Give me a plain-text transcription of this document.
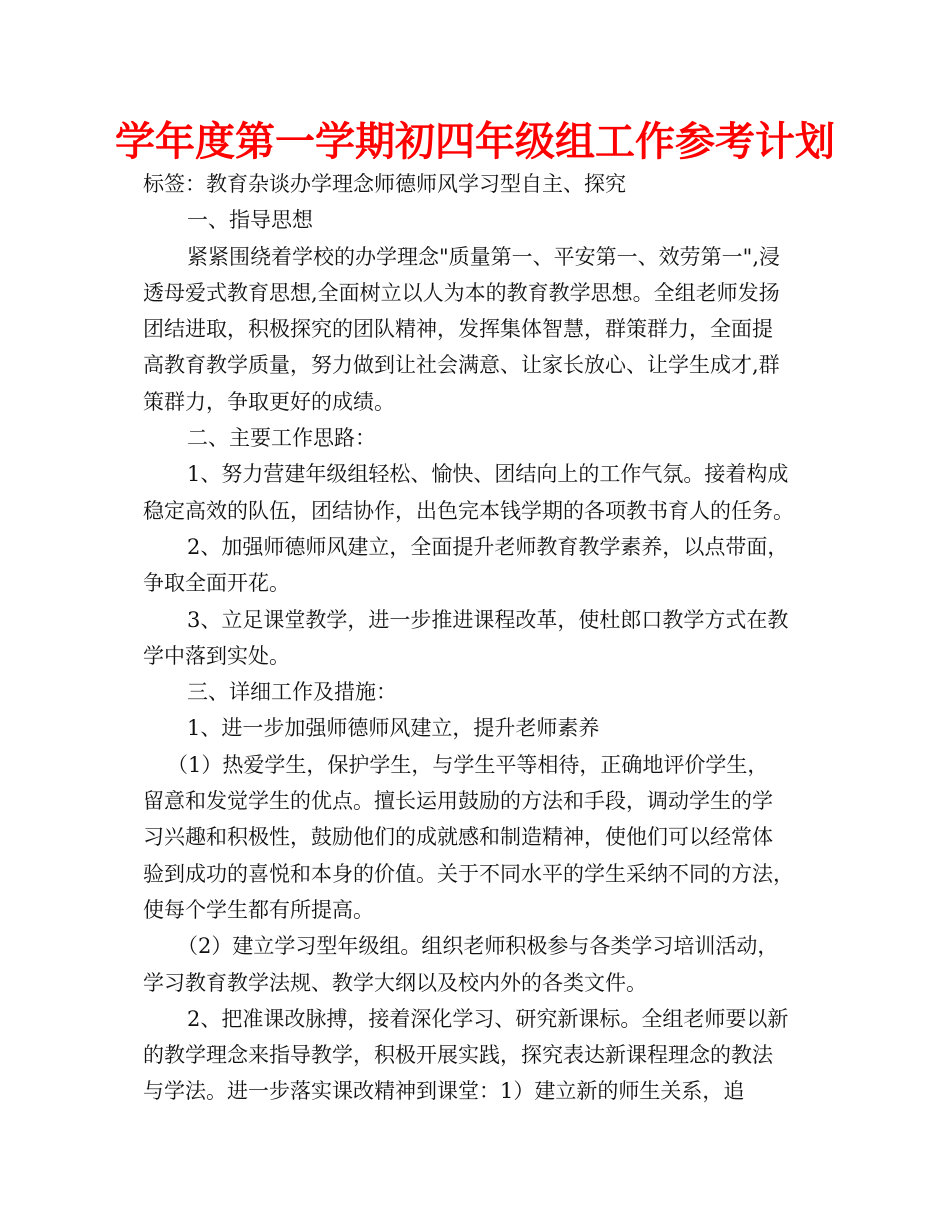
学年度第一学期初四年级组工作参考计划
标签：教育杂谈办学理念师德师风学习型自主、探究
一、指导思想
紧紧围绕着学校的办学理念"质量第一、平安第一、效劳第一",浸
透母爱式教育思想,全面树立以人为本的教育教学思想。全组老师发扬
团结进取，积极探究的团队精神，发挥集体智慧，群策群力，全面提
高教育教学质量，努力做到让社会满意、让家长放心、让学生成才,群
策群力，争取更好的成绩。
二、主要工作思路：
1、努力营建年级组轻松、愉快、团结向上的工作气氛。接着构成
稳定高效的队伍，团结协作，出色完本钱学期的各项教书育人的任务。
2、加强师德师风建立，全面提升老师教育教学素养，以点带面，
争取全面开花。
3、立足课堂教学，进一步推进课程改革，使杜郎口教学方式在教
学中落到实处。
三、详细工作及措施：
1、进一步加强师德师风建立，提升老师素养
（1）热爱学生，保护学生，与学生平等相待，正确地评价学生，
留意和发觉学生的优点。擅长运用鼓励的方法和手段，调动学生的学
习兴趣和积极性，鼓励他们的成就感和制造精神，使他们可以经常体
验到成功的喜悦和本身的价值。关于不同水平的学生采纳不同的方法，
使每个学生都有所提高。
（2）建立学习型年级组。组织老师积极参与各类学习培训活动，
学习教育教学法规、教学大纲以及校内外的各类文件。
2、把准课改脉搏，接着深化学习、研究新课标。全组老师要以新
的教学理念来指导教学，积极开展实践，探究表达新课程理念的教法
与学法。进一步落实课改精神到课堂：1）建立新的师生关系，追
